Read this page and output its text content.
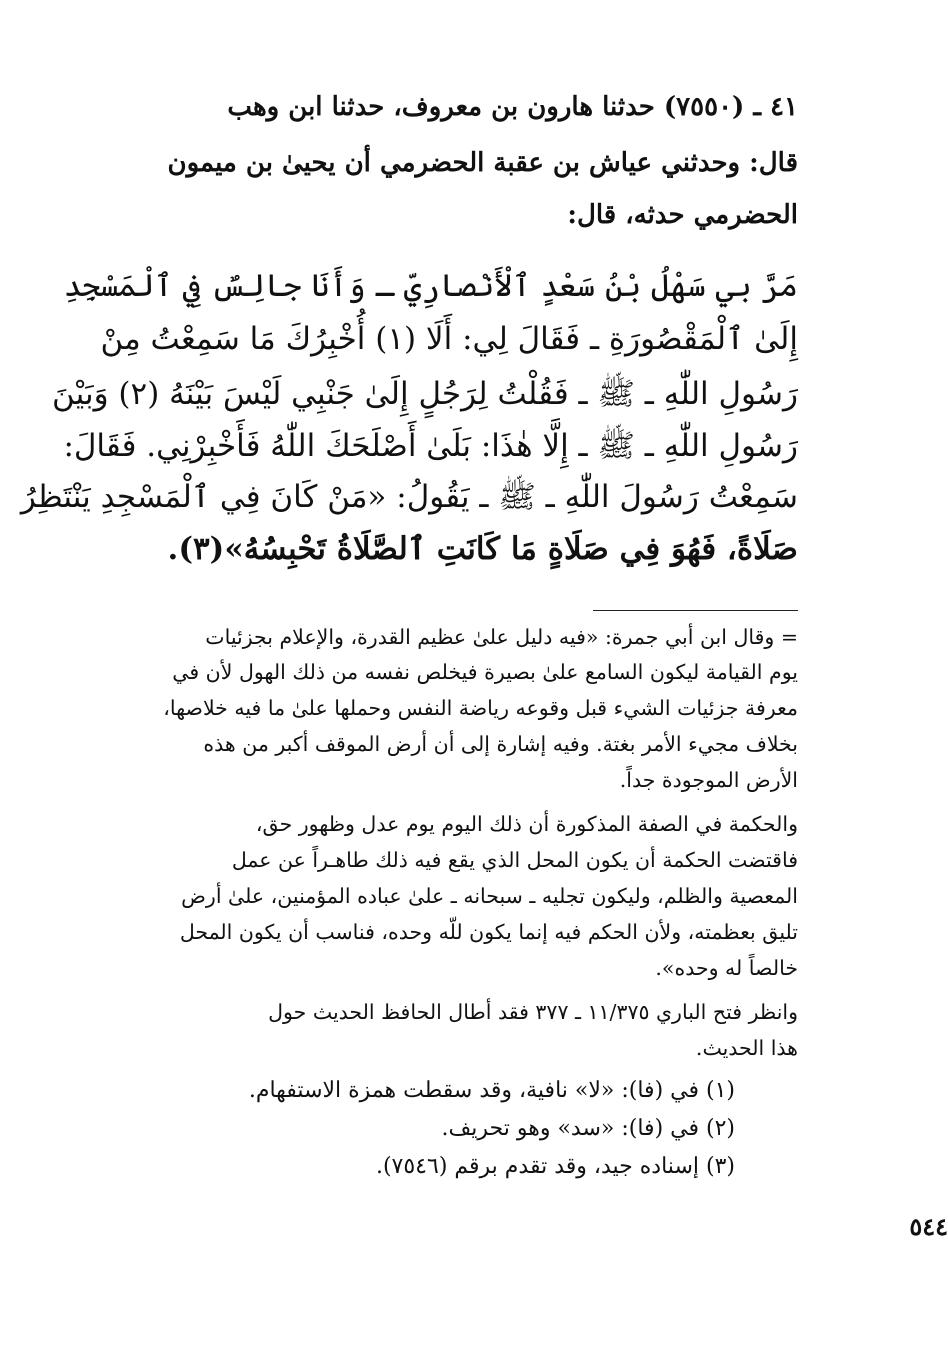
٤١ ـ (٧٥٥٠) حدثنا هارون بن معروف، حدثنا ابن وهب
قال: وحدثني عياش بن عقبة الحضرمي أن يحيىٰ بن ميمون
الحضرمي حدثه، قال:
مَرَّ بي سَهْلُ بْنُ سَعْدٍ ٱلْأَنْصارِيّ ـ وَأَنَا جالِسٌ فِي ٱلْمَسْجِدِ
إِلَىٰ ٱلْمَقْصُورَةِ ـ فَقَالَ لِي: أَلَا (١) أُخْبِرُكَ مَا سَمِعْتُ مِنْ
رَسُولِ اللّٰهِ ـ ﷺ ـ فَقُلْتُ لِرَجُلٍ إِلَىٰ جَنْبِي لَيْسَ بَيْنَهُ (٢) وَبَيْنَ
رَسُولِ اللّٰهِ ـ ﷺ ـ إِلَّا هٰذَا: بَلَىٰ أَصْلَحَكَ اللّٰهُ فَأَخْبِرْنِي. فَقَالَ:
سَمِعْتُ رَسُولَ اللّٰهِ ـ ﷺ ـ يَقُولُ: «مَنْ كَانَ فِي ٱلْمَسْجِدِ يَنْتَظِرُ
صَلَاةً، فَهُوَ فِي صَلَاةٍ مَا كَانَتِ ٱلصَّلَاةُ تَحْبِسُهُ»(٣).
= وقال ابن أبي جمرة: «فيه دليل علىٰ عظيم القدرة، والإعلام بجزئيات
يوم القيامة ليكون السامع علىٰ بصيرة فيخلص نفسه من ذلك الهول لأن في
معرفة جزئيات الشيء قبل وقوعه رياضة النفس وحملها علىٰ ما فيه خلاصها،
بخلاف مجيء الأمر بغتة. وفيه إشارة إلى أن أرض الموقف أكبر من هذه
الأرض الموجودة جداً.
والحكمة في الصفة المذكورة أن ذلك اليوم يوم عدل وظهور حق،
فاقتضت الحكمة أن يكون المحل الذي يقع فيه ذلك طاهـراً عن عمل
المعصية والظلم، وليكون تجليه ـ سبحانه ـ علىٰ عباده المؤمنين، علىٰ أرض
تليق بعظمته، ولأن الحكم فيه إنما يكون للّه وحده، فناسب أن يكون المحل
خالصاً له وحده».
وانظر فتح الباري ١١/٣٧٥ ـ ٣٧٧ فقد أطال الحافظ الحديث حول
هذا الحديث.
(١) في (فا): «لا» نافية، وقد سقطت همزة الاستفهام.
(٢) في (فا): «سد» وهو تحريف.
(٣) إسناده جيد، وقد تقدم برقم (٧٥٤٦).
٥٤٤
